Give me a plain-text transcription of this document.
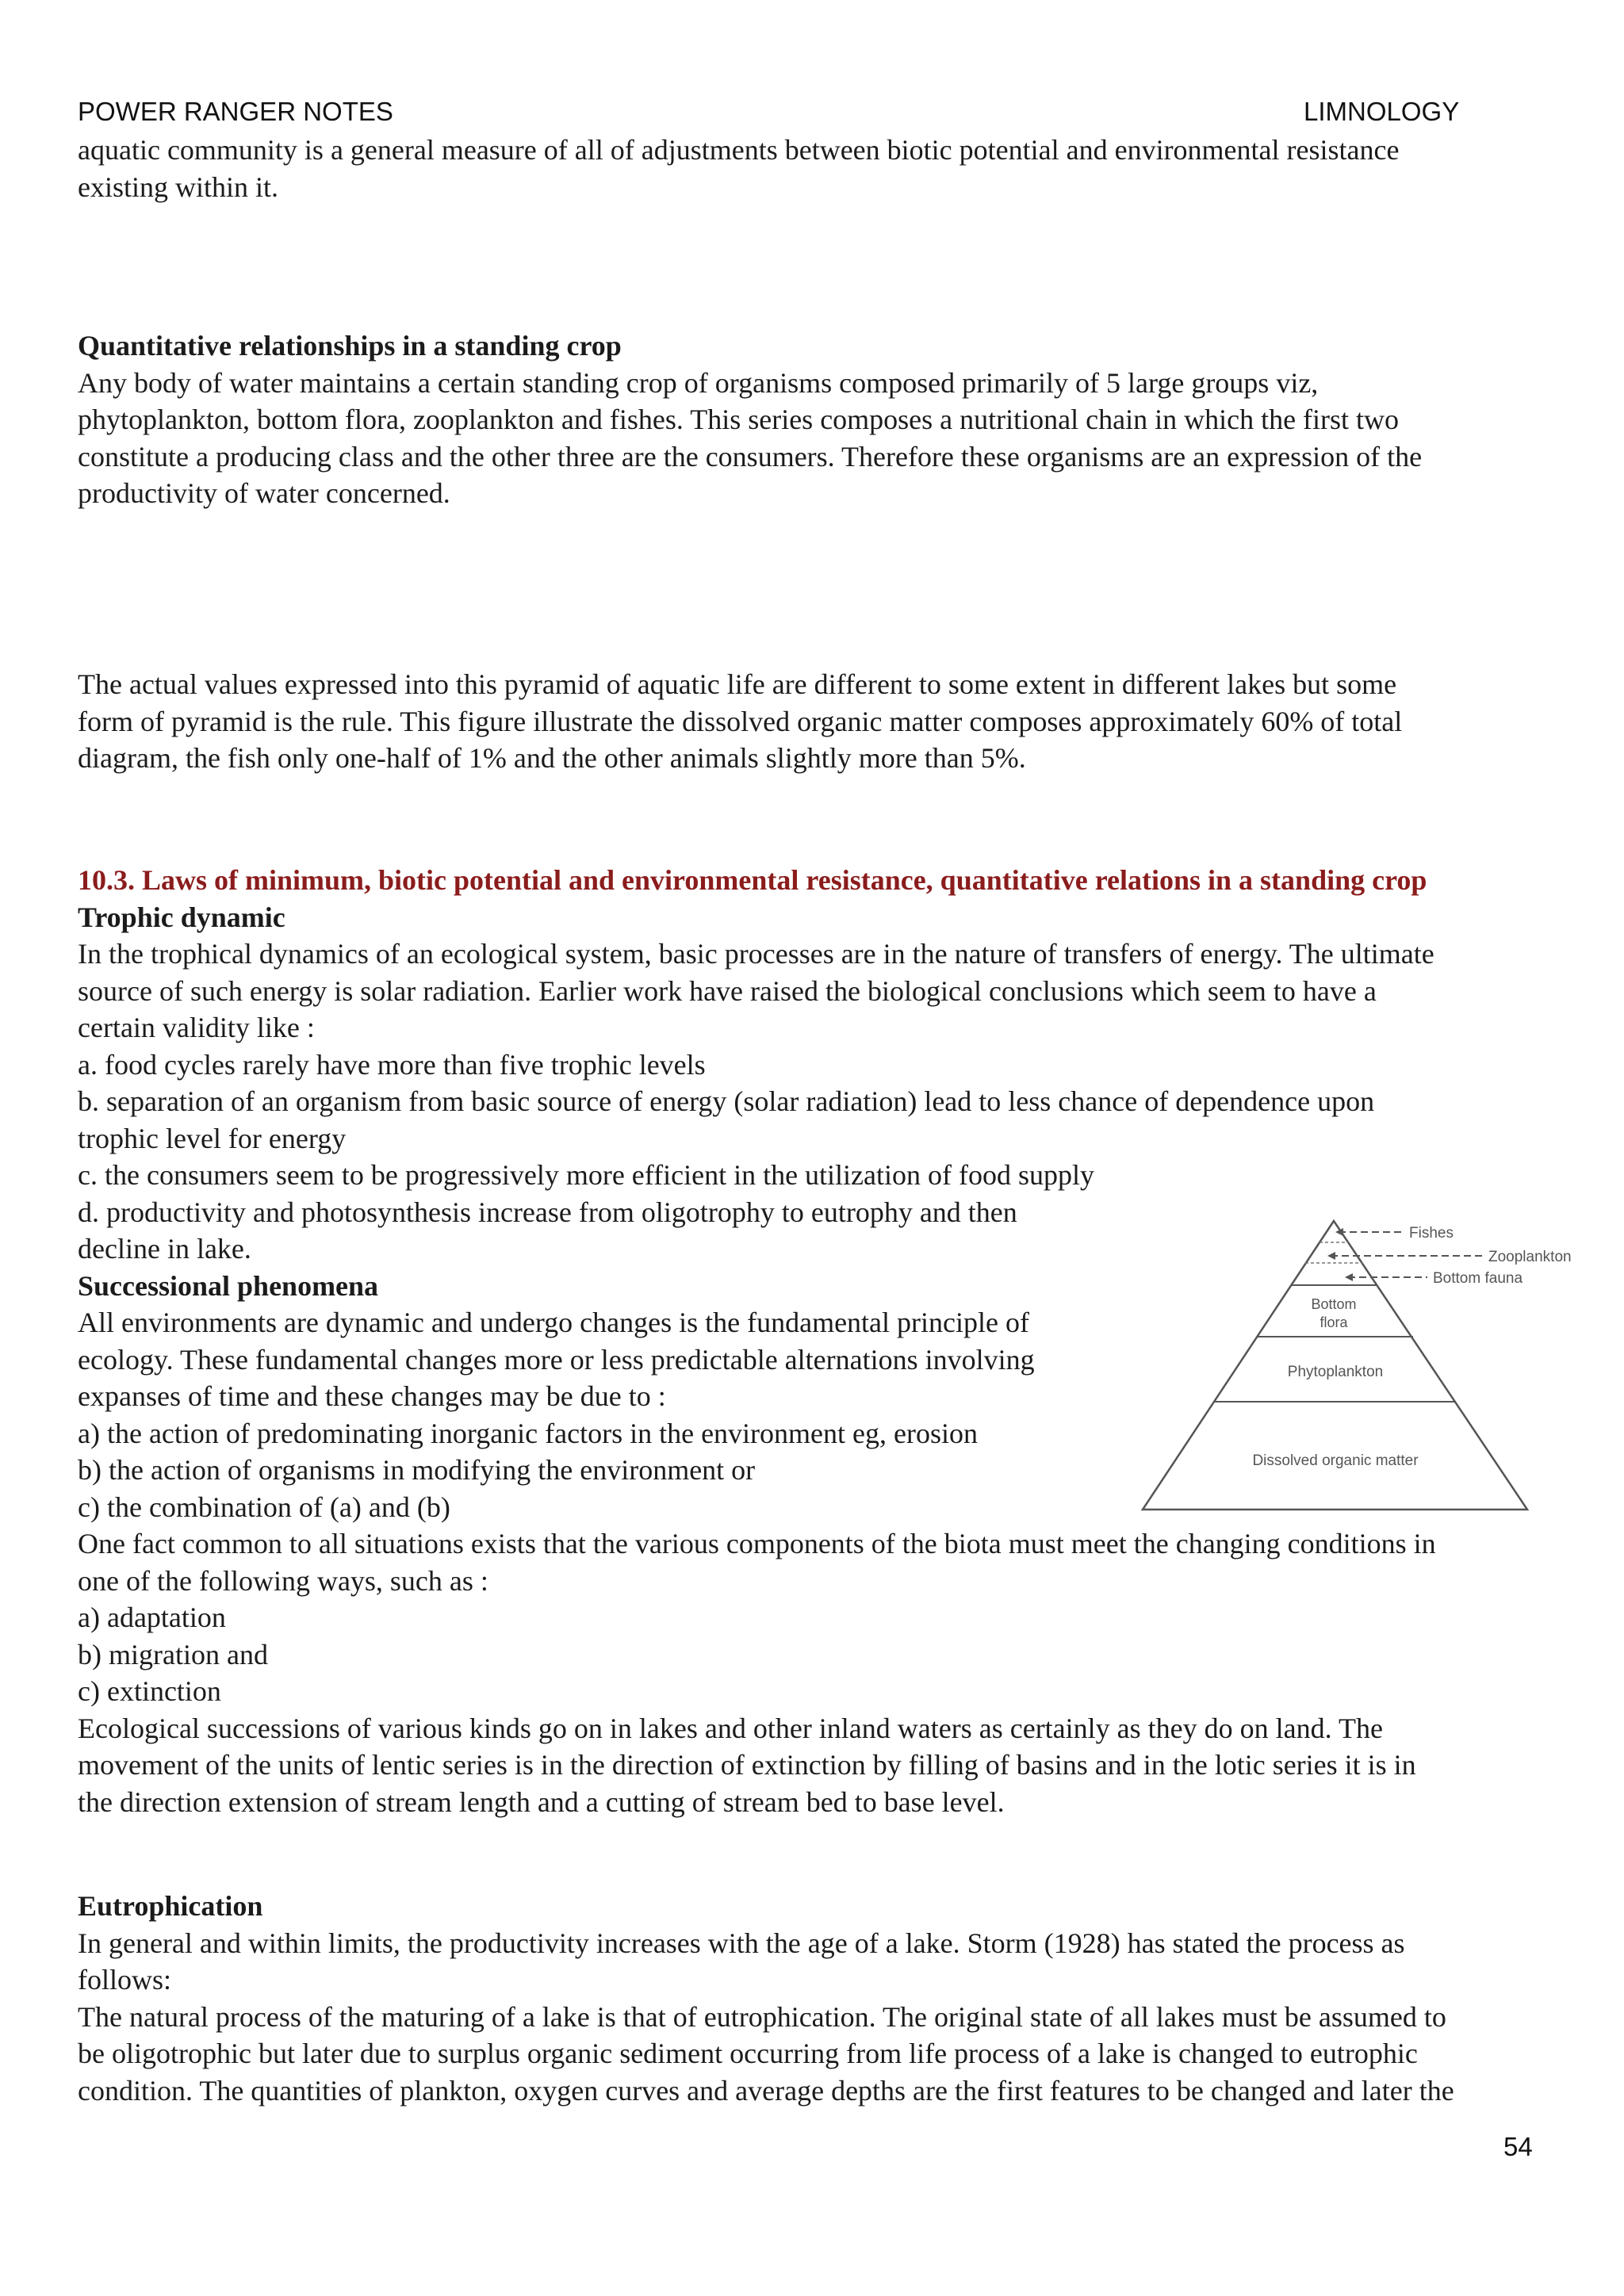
POWER RANGER NOTES	LIMNOLOGY
aquatic community is a general measure of all of adjustments between biotic potential and environmental resistance
existing within it.
Quantitative relationships in a standing crop
Any body of water maintains a certain standing crop of organisms composed primarily of 5 large groups viz,
phytoplankton, bottom flora, zooplankton and fishes. This series composes a nutritional chain in which the first two
constitute a producing class and the other three are the consumers. Therefore these organisms are an expression of the
productivity of water concerned.
The actual values expressed into this pyramid of aquatic life are different to some extent in different lakes but some
form of pyramid is the rule. This figure illustrate the dissolved organic matter composes approximately 60% of total
diagram, the fish only one-half of 1% and the other animals slightly more than 5%.
10.3. Laws of minimum, biotic potential and environmental resistance, quantitative relations in a standing crop
Trophic dynamic
In the trophical dynamics of an ecological system, basic processes are in the nature of transfers of energy. The ultimate
source of such energy is solar radiation. Earlier work have raised the biological conclusions which seem to have a
certain validity like :
a. food cycles rarely have more than five trophic levels
b. separation of an organism from basic source of energy (solar radiation) lead to less chance of dependence upon
trophic level for energy
c. the consumers seem to be progressively more efficient in the utilization of food supply
d. productivity and photosynthesis increase from oligotrophy to eutrophy and then
decline in lake.
Successional phenomena
All environments are dynamic and undergo changes is the fundamental principle of
ecology. These fundamental changes more or less predictable alternations involving
expanses of time and these changes may be due to :
a) the action of predominating inorganic factors in the environment eg, erosion
b) the action of organisms in modifying the environment or
c) the combination of (a) and (b)
One fact common to all situations exists that the various components of the biota must meet the changing conditions in
one of the following ways, such as :
a) adaptation
b) migration and
c) extinction
Ecological successions of various kinds go on in lakes and other inland waters as certainly as they do on land. The
movement of the units of lentic series is in the direction of extinction by filling of basins and in the lotic series it is in
the direction extension of stream length and a cutting of stream bed to base level.
Eutrophication
In general and within limits, the productivity increases with the age of a lake. Storm (1928) has stated the process as
follows:
The natural process of the maturing of a lake is that of eutrophication. The original state of all lakes must be assumed to
be oligotrophic but later due to surplus organic sediment occurring from life process of a lake is changed to eutrophic
condition. The quantities of plankton, oxygen curves and average depths are the first features to be changed and later the
Dissolved organic matter
Phytoplankton
Bottom
flora
Fishes
Zooplankton
Bottom fauna
54
